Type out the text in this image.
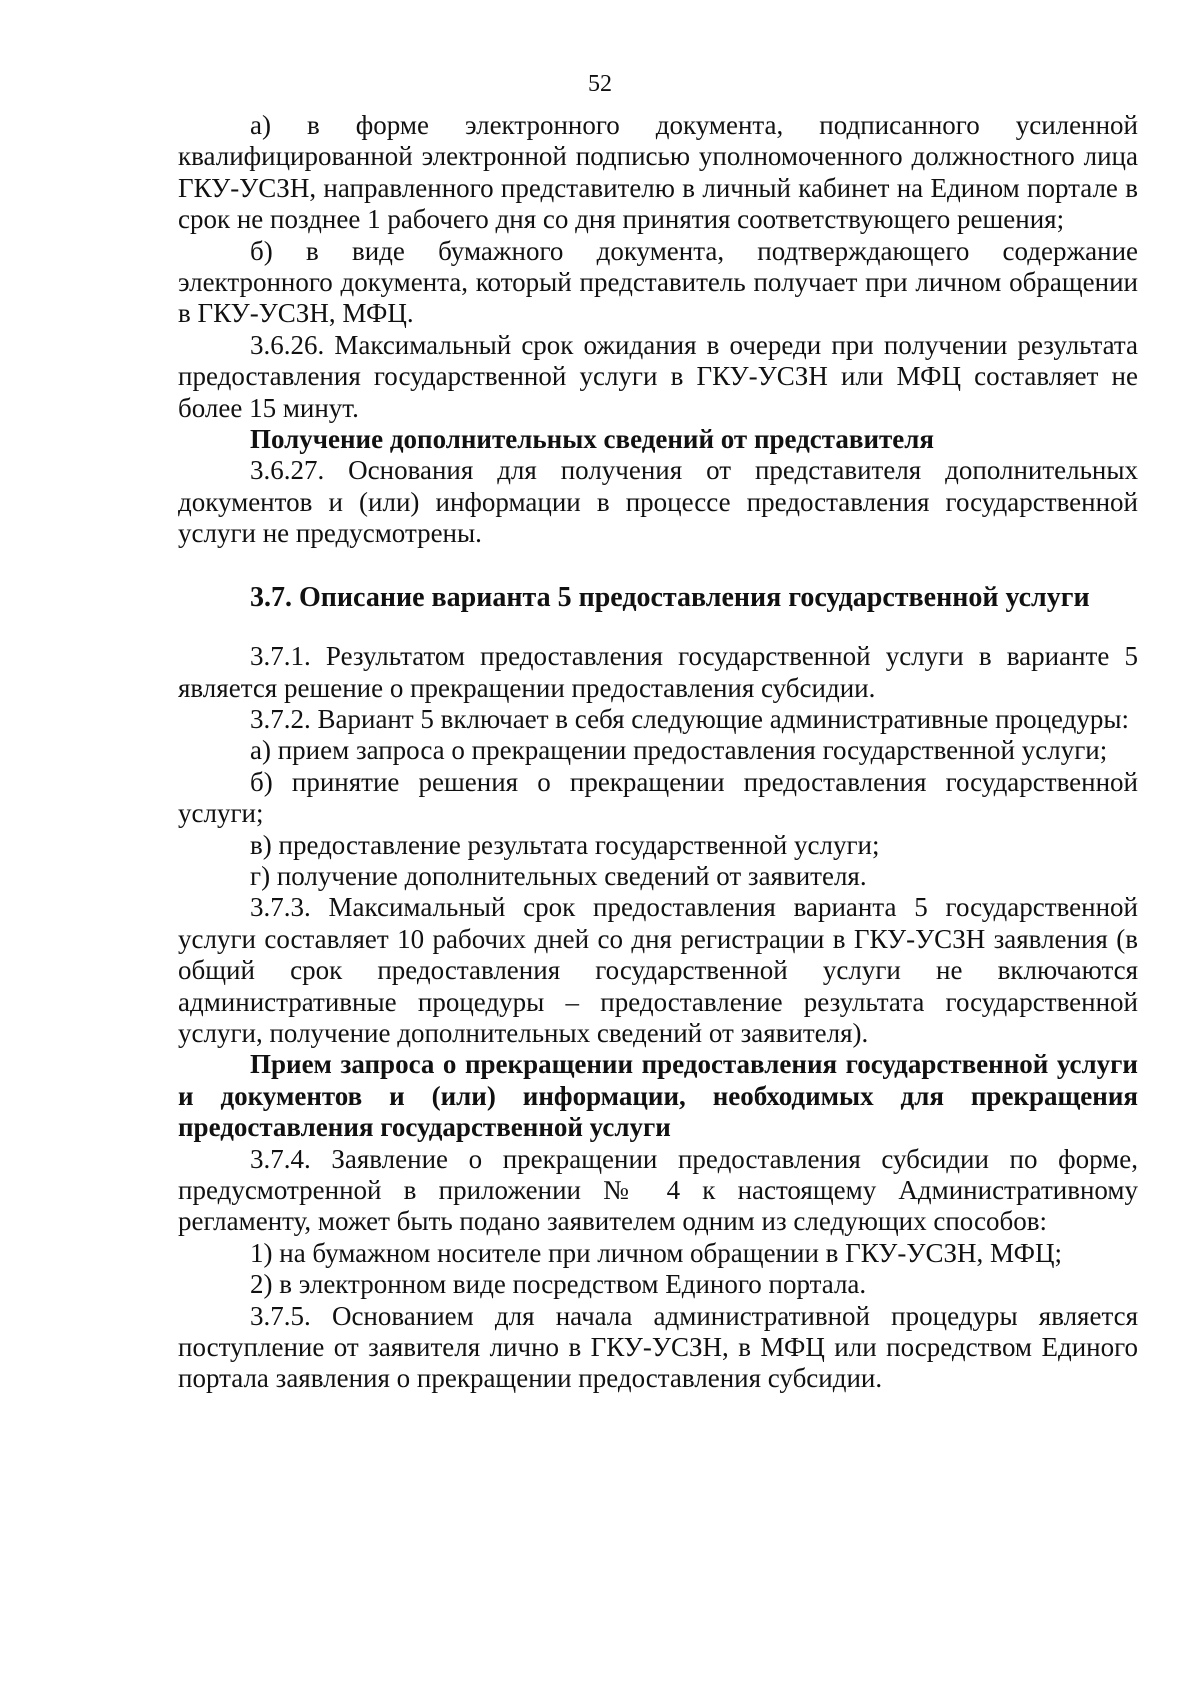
52

а) в форме электронного документа, подписанного усиленной квалифицированной электронной подписью уполномоченного должностного лица ГКУ-УСЗН, направленного представителю в личный кабинет на Едином портале в срок не позднее 1 рабочего дня со дня принятия соответствующего решения;

б) в виде бумажного документа, подтверждающего содержание электронного документа, который представитель получает при личном обращении в ГКУ-УСЗН, МФЦ.

3.6.26. Максимальный срок ожидания в очереди при получении результата предоставления государственной услуги в ГКУ-УСЗН или МФЦ составляет не более 15 минут.

Получение дополнительных сведений от представителя

3.6.27. Основания для получения от представителя дополнительных документов и (или) информации в процессе предоставления государственной услуги не предусмотрены.

3.7. Описание варианта 5 предоставления государственной услуги

3.7.1. Результатом предоставления государственной услуги в варианте 5 является решение о прекращении предоставления субсидии.

3.7.2. Вариант 5 включает в себя следующие административные процедуры:

а) прием запроса о прекращении предоставления государственной услуги;

б) принятие решения о прекращении предоставления государственной услуги;

в) предоставление результата государственной услуги;

г) получение дополнительных сведений от заявителя.

3.7.3. Максимальный срок предоставления варианта 5 государственной услуги составляет 10 рабочих дней со дня регистрации в ГКУ-УСЗН заявления (в общий срок предоставления государственной услуги не включаются административные процедуры – предоставление результата государственной услуги, получение дополнительных сведений от заявителя).

Прием запроса о прекращении предоставления государственной услуги и документов и (или) информации, необходимых для прекращения предоставления государственной услуги

3.7.4. Заявление о прекращении предоставления субсидии по форме, предусмотренной в приложении № 4 к настоящему Административному регламенту, может быть подано заявителем одним из следующих способов:

1) на бумажном носителе при личном обращении в ГКУ-УСЗН, МФЦ;

2) в электронном виде посредством Единого портала.

3.7.5. Основанием для начала административной процедуры является поступление от заявителя лично в ГКУ-УСЗН, в МФЦ или посредством Единого портала заявления о прекращении предоставления субсидии.
